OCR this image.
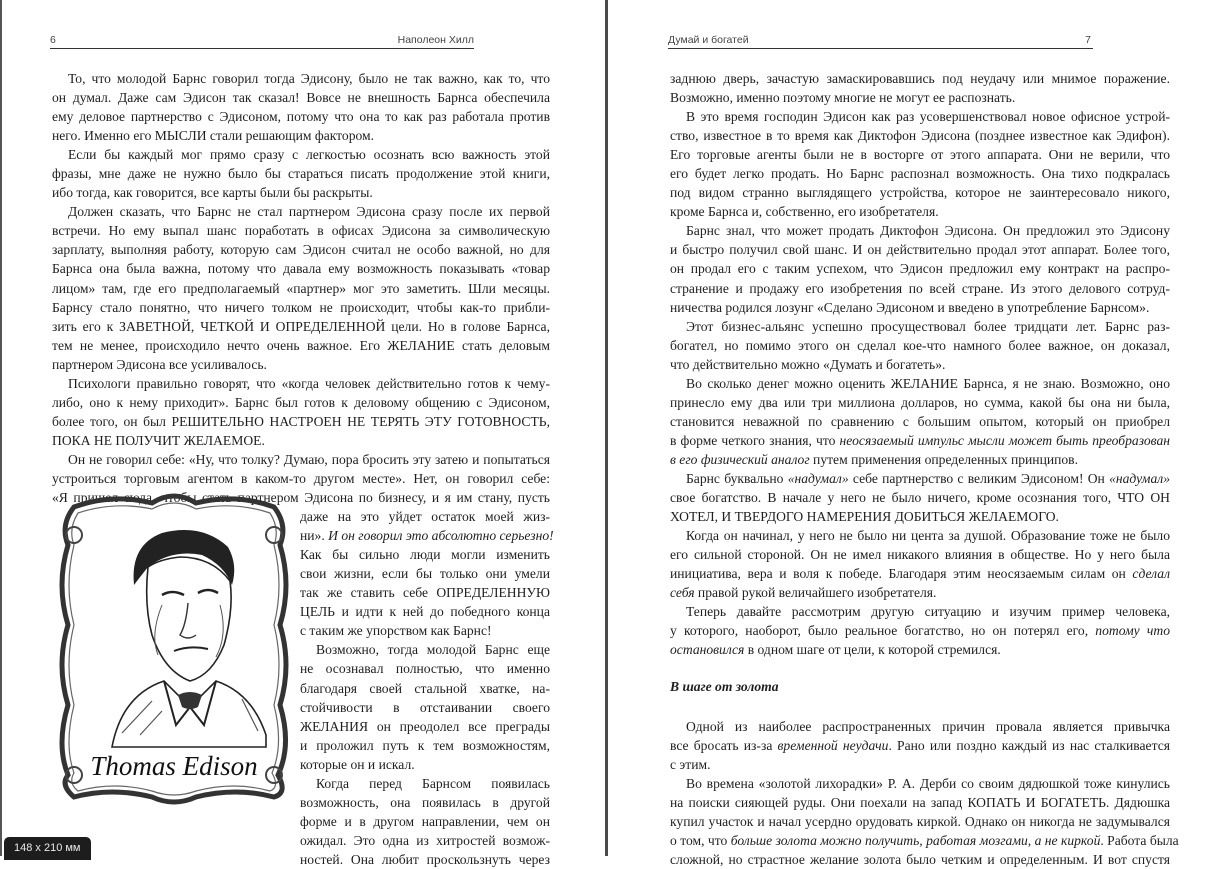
6	Наполеон Хилл
То, что молодой Барнс говорил тогда Эдисону, было не так важно, как то, что
он думал. Даже сам Эдисон так сказал! Вовсе не внешность Барнса обеспечила
ему деловое партнерство с Эдисоном, потому что она то как раз работала против
него. Именно его МЫСЛИ стали решающим фактором.
Если бы каждый мог прямо сразу с легкостью осознать всю важность этой
фразы, мне даже не нужно было бы стараться писать продолжение этой книги,
ибо тогда, как говорится, все карты были бы раскрыты.
Должен сказать, что Барнс не стал партнером Эдисона сразу после их первой
встречи. Но ему выпал шанс поработать в офисах Эдисона за символическую
зарплату, выполняя работу, которую сам Эдисон считал не особо важной, но для
Барнса она была важна, потому что давала ему возможность показывать «товар
лицом» там, где его предполагаемый «партнер» мог это заметить. Шли месяцы.
Барнсу стало понятно, что ничего толком не происходит, чтобы как-то прибли-
зить его к ЗАВЕТНОЙ, ЧЕТКОЙ И ОПРЕДЕЛЕННОЙ цели. Но в голове Барнса,
тем не менее, происходило нечто очень важное. Его ЖЕЛАНИЕ стать деловым
партнером Эдисона все усиливалось.
Психологи правильно говорят, что «когда человек действительно готов к чему-
либо, оно к нему приходит». Барнс был готов к деловому общению с Эдисоном,
более того, он был РЕШИТЕЛЬНО НАСТРОЕН НЕ ТЕРЯТЬ ЭТУ ГОТОВНОСТЬ,
ПОКА НЕ ПОЛУЧИТ ЖЕЛАЕМОЕ.
Он не говорил себе: «Ну, что толку? Думаю, пора бросить эту затею и попытаться
устроиться торговым агентом в каком-то другом месте». Нет, он говорил себе:
«Я пришел сюда, чтобы стать партнером Эдисона по бизнесу, и я им стану, пусть
даже на это уйдет остаток моей жиз-
ни». И он говорил это абсолютно серьезно!
Как бы сильно люди могли изменить
свои жизни, если бы только они умели
так же ставить себе ОПРЕДЕЛЕННУЮ
ЦЕЛЬ и идти к ней до победного конца
с таким же упорством как Барнс!
Возможно, тогда молодой Барнс еще
не осознавал полностью, что именно
благодаря своей стальной хватке, на-
стойчивости в отстаивании своего
ЖЕЛАНИЯ он преодолел все преграды
и проложил путь к тем возможностям,
которые он и искал.
Когда перед Барнсом появилась
возможность, она появилась в другой
форме и в другом направлении, чем он
ожидал. Это одна из хитростей возмож-
ностей. Она любит проскользнуть через
Thomas Edison
148 x 210 мм
Думай и богатей	7
заднюю дверь, зачастую замаскировавшись под неудачу или мнимое поражение.
Возможно, именно поэтому многие не могут ее распознать.
В это время господин Эдисон как раз усовершенствовал новое офисное устрой-
ство, известное в то время как Диктофон Эдисона (позднее известное как Эдифон).
Его торговые агенты были не в восторге от этого аппарата. Они не верили, что
его будет легко продать. Но Барнс распознал возможность. Она тихо подкралась
под видом странно выглядящего устройства, которое не заинтересовало никого,
кроме Барнса и, собственно, его изобретателя.
Барнс знал, что может продать Диктофон Эдисона. Он предложил это Эдисону
и быстро получил свой шанс. И он действительно продал этот аппарат. Более того,
он продал его с таким успехом, что Эдисон предложил ему контракт на распро-
странение и продажу его изобретения по всей стране. Из этого делового сотруд-
ничества родился лозунг «Сделано Эдисоном и введено в употребление Барнсом».
Этот бизнес-альянс успешно просуществовал более тридцати лет. Барнс раз-
богател, но помимо этого он сделал кое-что намного более важное, он доказал,
что действительно можно «Думать и богатеть».
Во сколько денег можно оценить ЖЕЛАНИЕ Барнса, я не знаю. Возможно, оно
принесло ему два или три миллиона долларов, но сумма, какой бы она ни была,
становится неважной по сравнению с большим опытом, который он приобрел
в форме четкого знания, что неосязаемый импульс мысли может быть преобразован
в его физический аналог путем применения определенных принципов.
Барнс буквально «надумал» себе партнерство с великим Эдисоном! Он «надумал»
свое богатство. В начале у него не было ничего, кроме осознания того, ЧТО ОН
ХОТЕЛ, И ТВЕРДОГО НАМЕРЕНИЯ ДОБИТЬСЯ ЖЕЛАЕМОГО.
Когда он начинал, у него не было ни цента за душой. Образование тоже не было
его сильной стороной. Он не имел никакого влияния в обществе. Но у него была
инициатива, вера и воля к победе. Благодаря этим неосязаемым силам он сделал
себя правой рукой величайшего изобретателя.
Теперь давайте рассмотрим другую ситуацию и изучим пример человека,
у которого, наоборот, было реальное богатство, но он потерял его, потому что
остановился в одном шаге от цели, к которой стремился.
В шаге от золота
Одной из наиболее распространенных причин провала является привычка
все бросать из-за временной неудачи. Рано или поздно каждый из нас сталкивается
с этим.
Во времена «золотой лихорадки» Р. А. Дерби со своим дядюшкой тоже кинулись
на поиски сияющей руды. Они поехали на запад КОПАТЬ И БОГАТЕТЬ. Дядюшка
купил участок и начал усердно орудовать киркой. Однако он никогда не задумывался
о том, что больше золота можно получить, работая мозгами, а не киркой. Работа была
сложной, но страстное желание золота было четким и определенным. И вот спустя
